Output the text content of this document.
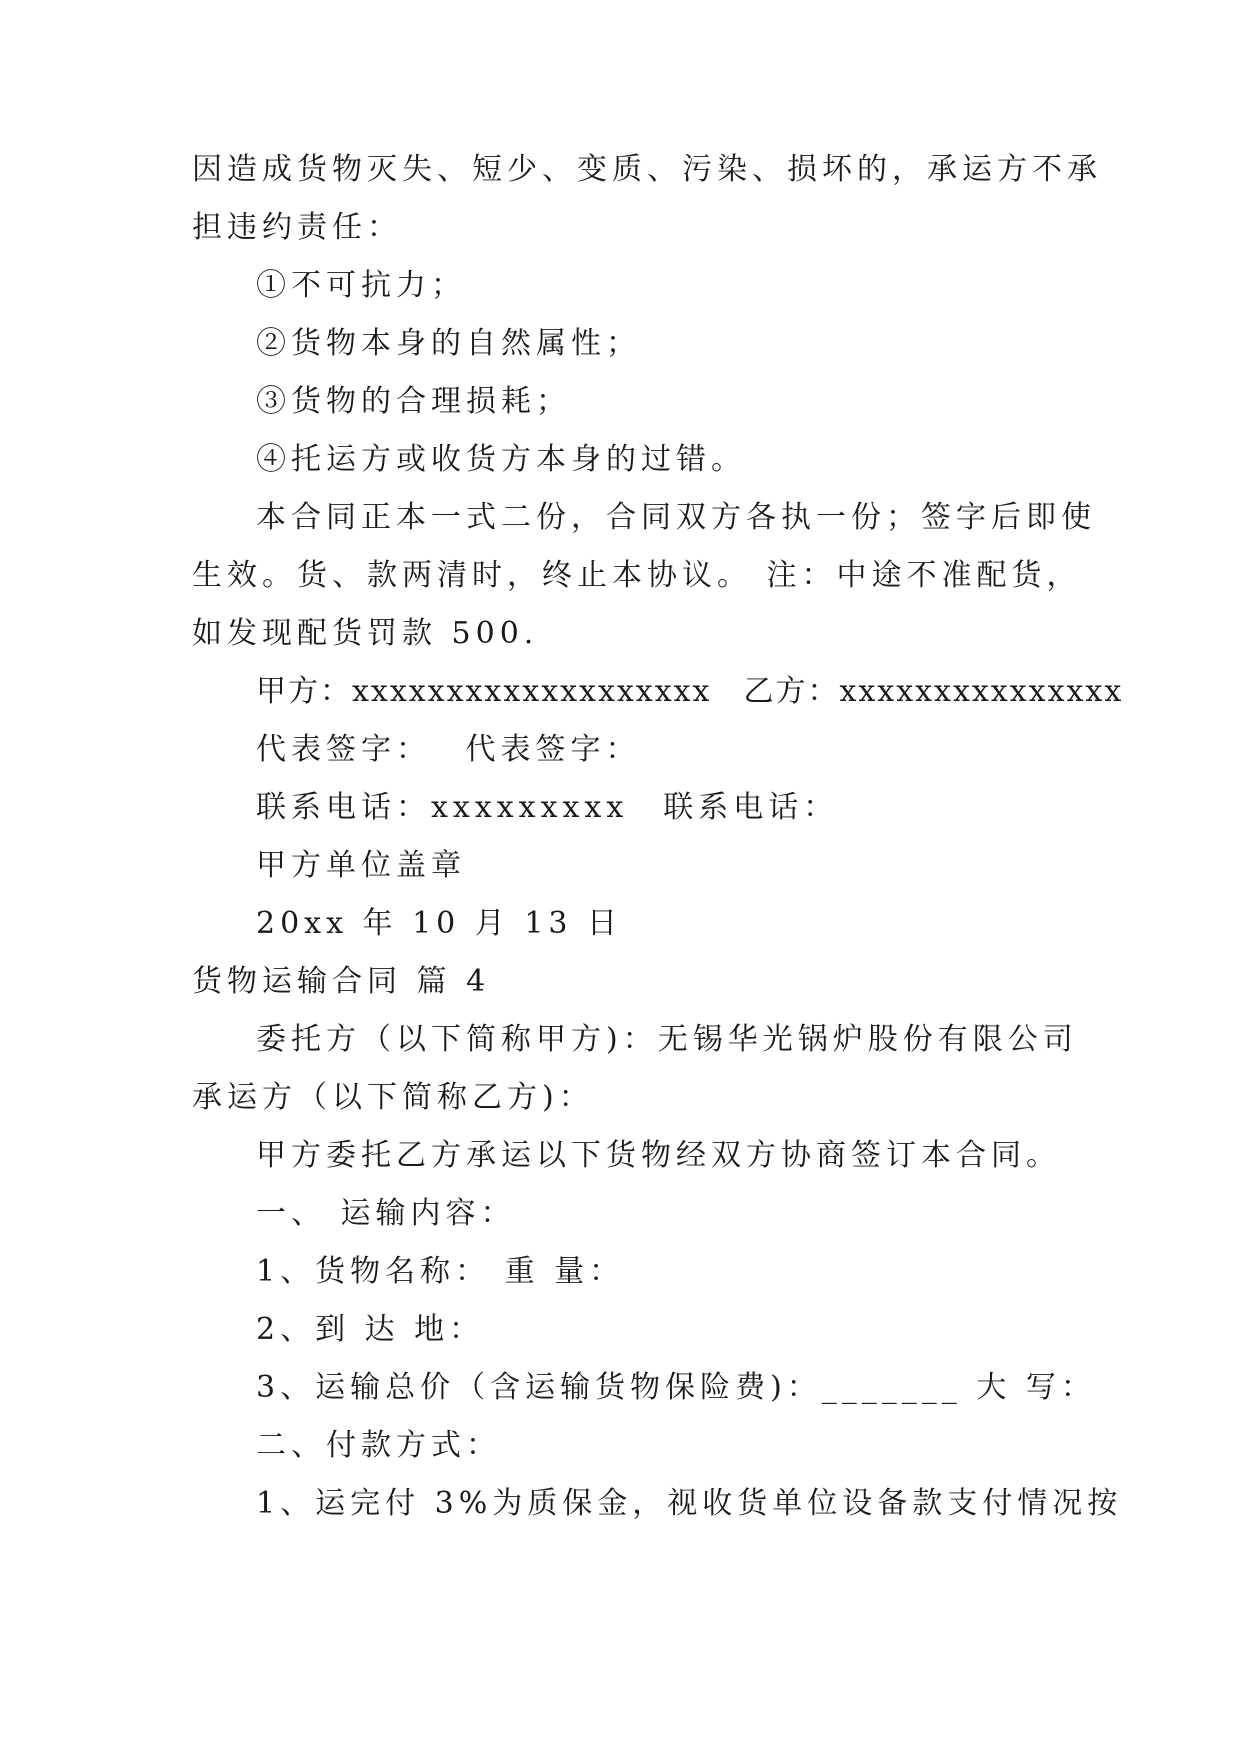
因造成货物灭失、短少、变质、污染、损坏的，承运方不承
担违约责任：
①不可抗力；
②货物本身的自然属性；
③货物的合理损耗；
④托运方或收货方本身的过错。
本合同正本一式二份，合同双方各执一份；签字后即使
生效。货、款两清时，终止本协议。 注：中途不准配货，
如发现配货罚款 500.
甲方：xxxxxxxxxxxxxxxxxxx　乙方：xxxxxxxxxxxxxxx
代表签字：　 代表签字：
联系电话：xxxxxxxxx　联系电话：
甲方单位盖章
20xx 年 10 月 13 日
货物运输合同 篇 4
委托方（以下简称甲方)：无锡华光锅炉股份有限公司
承运方（以下简称乙方)：
甲方委托乙方承运以下货物经双方协商签订本合同。
一、 运输内容：
1、货物名称： 重 量：
2、到 达 地：
3、运输总价（含运输货物保险费)：_______ 大 写：
二、付款方式：
1、运完付 3%为质保金，视收货单位设备款支付情况按
